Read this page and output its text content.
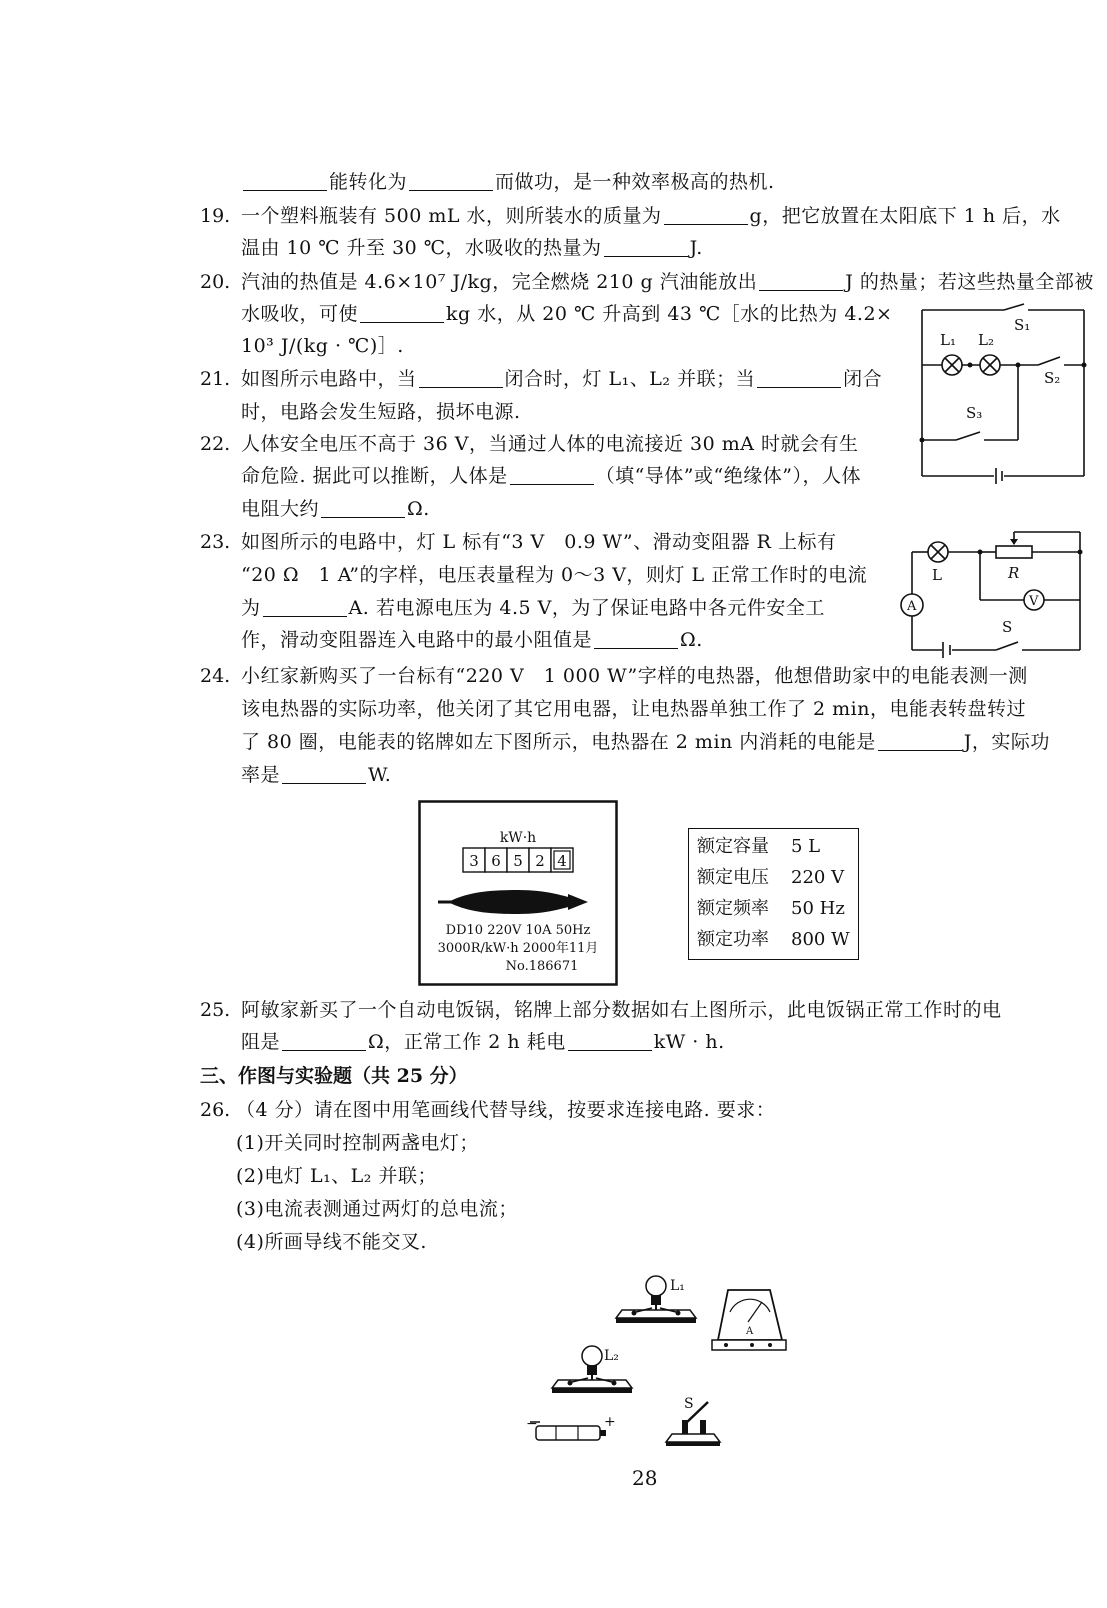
能转化为	而做功，是一种效率极高的热机.
19. 一个塑料瓶装有 500 mL 水，则所装水的质量为	g，把它放置在太阳底下 1 h 后，水
温由 10 ℃ 升至 30 ℃，水吸收的热量为	J.
20. 汽油的热值是 4.6×10⁷ J/kg，完全燃烧 210 g 汽油能放出	J 的热量；若这些热量全部被
水吸收，可使	kg 水，从 20 ℃ 升高到 43 ℃［水的比热为 4.2×
10³ J/(kg · ℃)］.
21. 如图所示电路中，当	闭合时，灯 L₁、L₂ 并联；当	闭合
时，电路会发生短路，损坏电源.
S₁
L₁ L₂
S₂
S₃
22. 人体安全电压不高于 36 V，当通过人体的电流接近 30 mA 时就会有生
命危险. 据此可以推断，人体是	（填“导体”或“绝缘体”），人体
电阻大约	Ω.
23. 如图所示的电路中，灯 L 标有“3 V　0.9 W”、滑动变阻器 R 上标有
“20 Ω　1 A”的字样，电压表量程为 0～3 V，则灯 L 正常工作时的电流
为	A. 若电源电压为 4.5 V，为了保证电路中各元件安全工
作，滑动变阻器连入电路中的最小阻值是	Ω.
L	R
V
A
S
24. 小红家新购买了一台标有“220 V　1 000 W”字样的电热器，他想借助家中的电能表测一测
该电热器的实际功率，他关闭了其它用电器，让电热器单独工作了 2 min，电能表转盘转过
了 80 圈，电能表的铭牌如左下图所示，电热器在 2 min 内消耗的电能是	J，实际功
率是	W.
kW·h
3 6 5 2 4
DD10 220V 10A 50Hz
3000R/kW·h 2000年11月
No.186671
额定容量	5 L
额定电压	220 V
额定频率	50 Hz
额定功率	800 W
25. 阿敏家新买了一个自动电饭锅，铭牌上部分数据如右上图所示，此电饭锅正常工作时的电
阻是	Ω，正常工作 2 h 耗电	kW · h.
三、作图与实验题（共 25 分）
26. （4 分）请在图中用笔画线代替导线，按要求连接电路. 要求：
(1)开关同时控制两盏电灯；
(2)电灯 L₁、L₂ 并联；
(3)电流表测通过两灯的总电流；
(4)所画导线不能交叉.
L₁
A
L₂
−	+
S
28
